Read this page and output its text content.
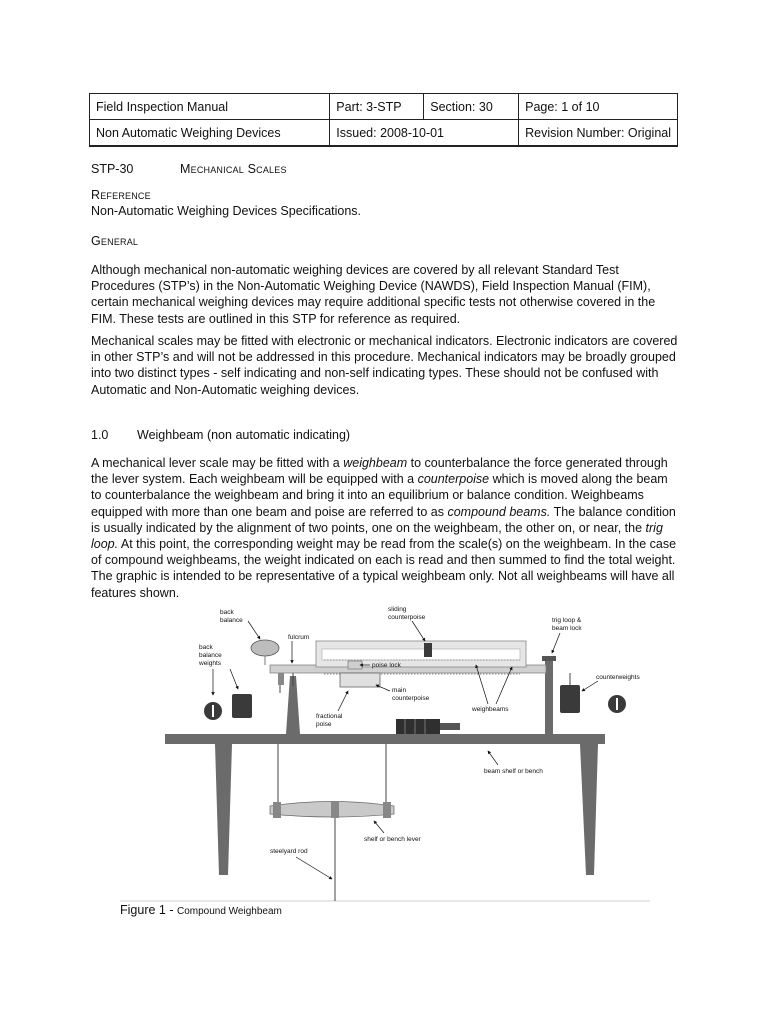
Field Inspection Manual	Part: 3-STP	Section: 30	Page: 1 of 10
Non Automatic Weighing Devices	Issued: 2008-10-01		Revision Number: Original
STP-30	Mechanical Scales
Reference
Non-Automatic Weighing Devices Specifications.
General

Although mechanical non-automatic weighing devices are covered by all relevant Standard Test

Procedures (STP’s) in the Non-Automatic Weighing Device (NAWDS), Field Inspection Manual (FIM),

certain mechanical weighing devices may require additional specific tests not otherwise covered in the

FIM. These tests are outlined in this STP for reference as required.

Mechanical scales may be fitted with electronic or mechanical indicators. Electronic indicators are covered

in other STP’s and will not be addressed in this procedure. Mechanical indicators may be broadly grouped

into two distinct types - self indicating and non-self indicating types. These should not be confused with

Automatic and Non-Automatic weighing devices.

1.0 Weighbeam (non automatic indicating)

A mechanical lever scale may be fitted with a weighbeam to counterbalance the force generated through

the lever system. Each weighbeam will be equipped with a counterpoise which is moved along the beam

to counterbalance the weighbeam and bring it into an equilibrium or balance condition. Weighbeams

equipped with more than one beam and poise are referred to as compound beams. The balance condition

is usually indicated by the alignment of two points, one on the weighbeam, the other on, or near, the trig

loop. At this point, the corresponding weight may be read from the scale(s) on the weighbeam. In the case

of compound weighbeams, the weight indicated on each is read and then summed to find the total weight.

The graphic is intended to be representative of a typical weighbeam only. Not all weighbeams will have all

features shown.

back
balance
fulcrum
sliding
counterpoise	trig loop &
beam lock
back
balance
weights	poise lock
main
counterpoise
counterweights
weighbeams
fractional
poise
beam shelf or bench
shelf or bench lever
steelyard rod
Figure 1 - Compound Weighbeam
